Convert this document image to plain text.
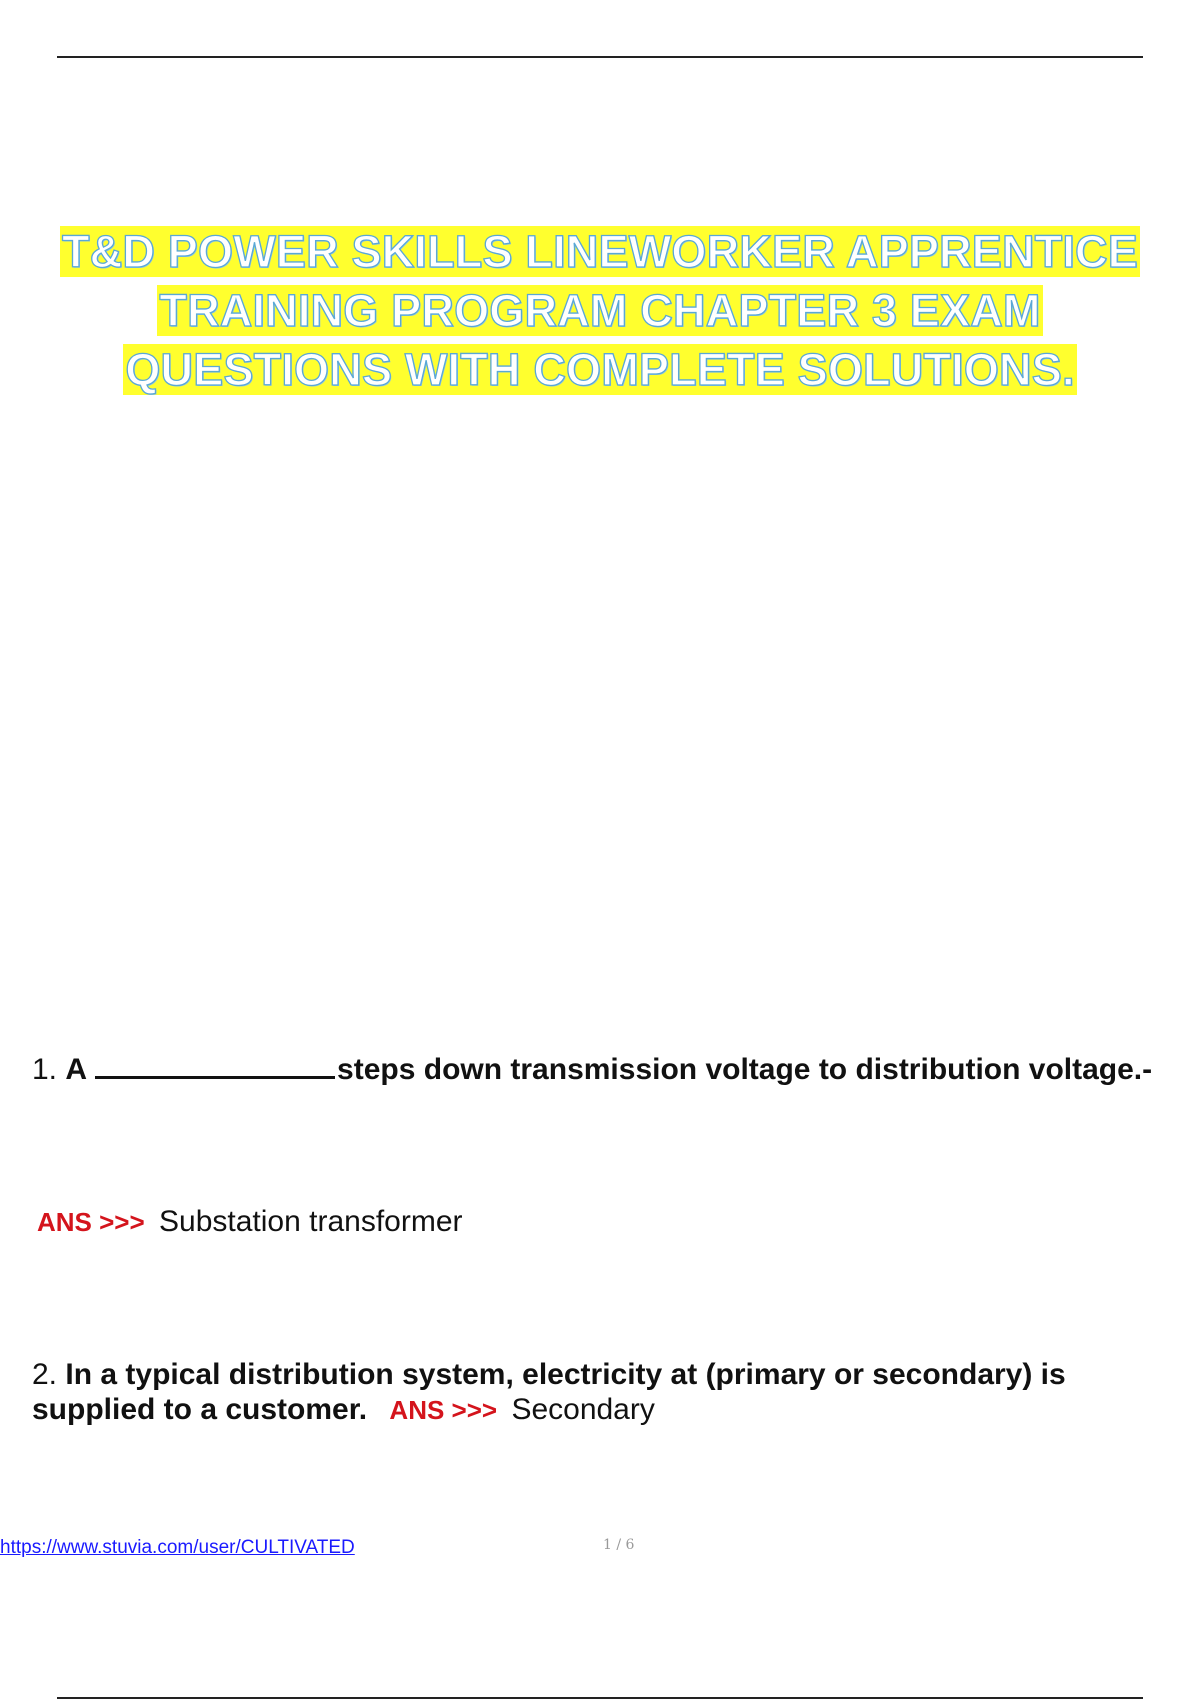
T&D POWER SKILLS LINEWORKER APPRENTICE
TRAINING PROGRAM CHAPTER 3 EXAM
QUESTIONS WITH COMPLETE SOLUTIONS.
1. A	steps down transmission voltage to distribution voltage.-
ANS >>> Substation transformer
2. In a typical distribution system, electricity at (primary or secondary) is supplied to a customer. ANS >>> Secondary
https://www.stuvia.com/user/CULTIVATED	1 / 6
